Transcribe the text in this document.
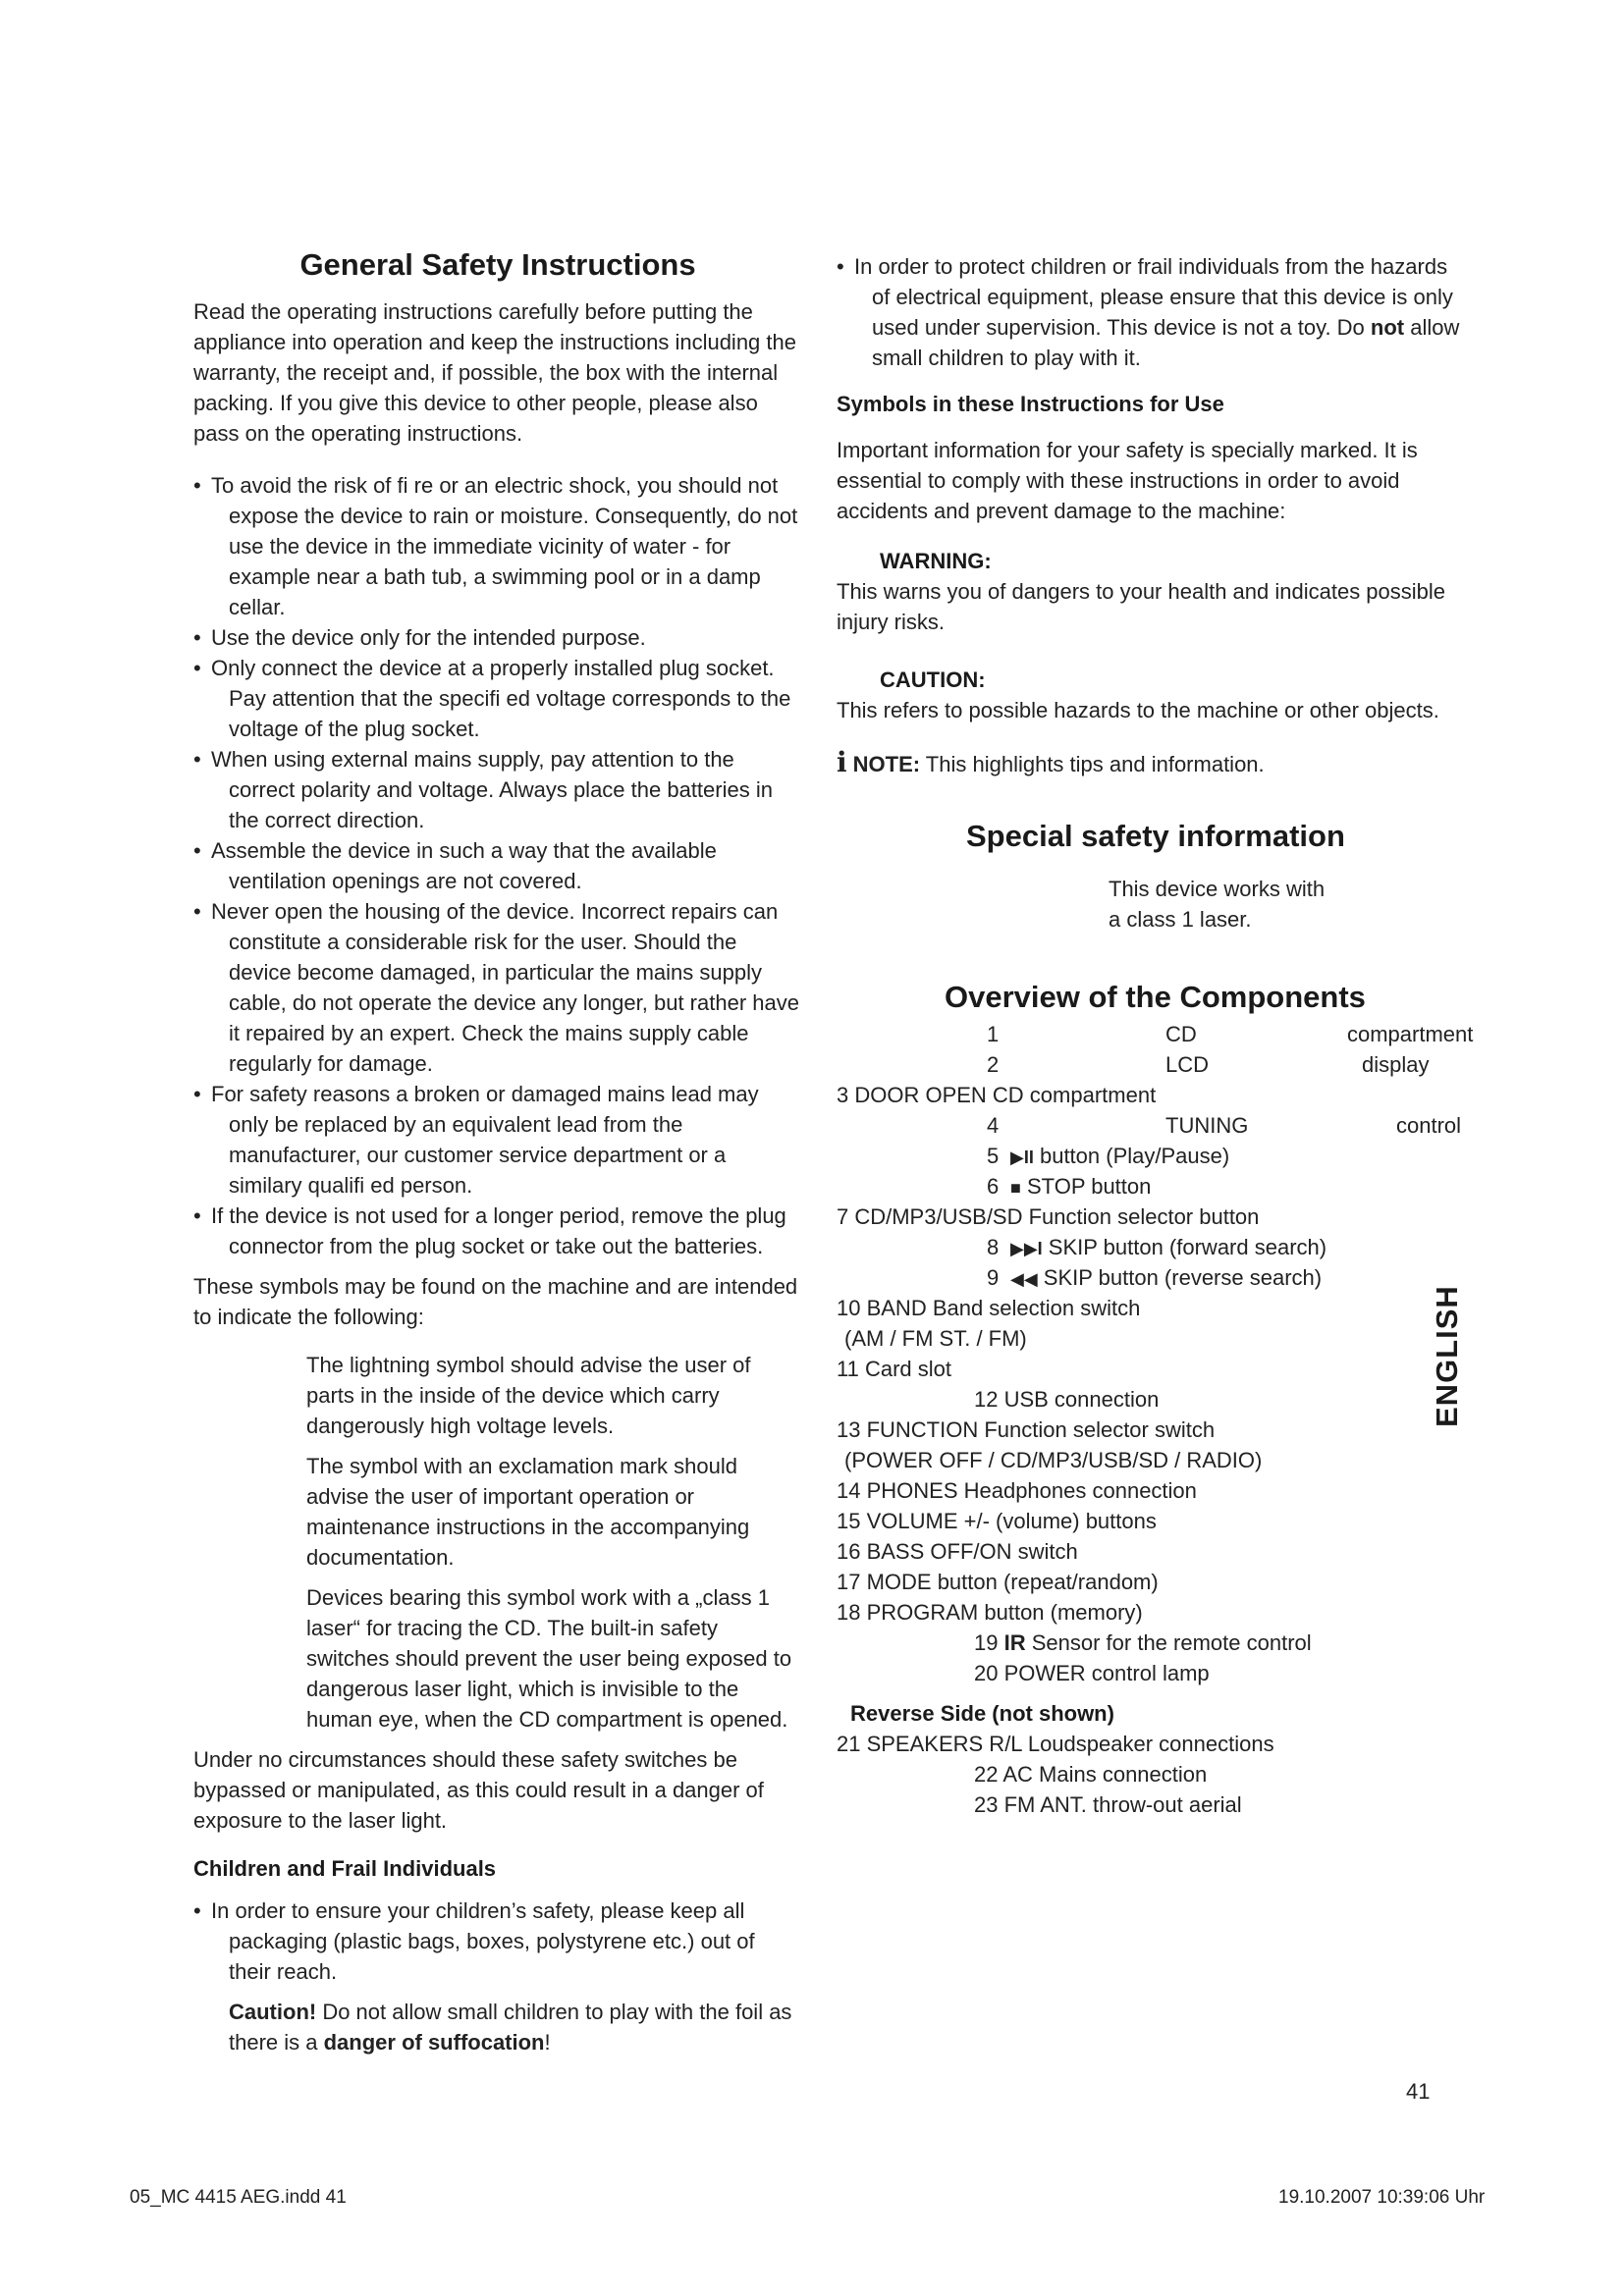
General Safety Instructions

Read the operating instructions carefully before putting the appliance into operation and keep the instructions including the warranty, the receipt and, if possible, the box with the internal packing. If you give this device to other people, please also pass on the operating instructions.

• To avoid the risk of fi re or an electric shock, you should not expose the device to rain or moisture. Consequently, do not use the device in the immediate vicinity of water - for example near a bath tub, a swimming pool or in a damp cellar.
• Use the device only for the intended purpose.
• Only connect the device at a properly installed plug socket. Pay attention that the specifi ed voltage corresponds to the voltage of the plug socket.
• When using external mains supply, pay attention to the correct polarity and voltage. Always place the batteries in the correct direction.
• Assemble the device in such a way that the available ventilation openings are not covered.
• Never open the housing of the device. Incorrect repairs can constitute a considerable risk for the user. Should the device become damaged, in particular the mains supply cable, do not operate the device any longer, but rather have it repaired by an expert. Check the mains supply cable regularly for damage.
• For safety reasons a broken or damaged mains lead may only be replaced by an equivalent lead from the manufacturer, our customer service department or a similary qualifi ed person.
• If the device is not used for a longer period, remove the plug connector from the plug socket or take out the batteries.

These symbols may be found on the machine and are intended to indicate the following:

The lightning symbol should advise the user of parts in the inside of the device which carry dangerously high voltage levels.

The symbol with an exclamation mark should advise the user of important operation or maintenance instructions in the accompanying documentation.

Devices bearing this symbol work with a „class 1 laser“ for tracing the CD. The built-in safety switches should prevent the user being exposed to dangerous laser light, which is invisible to the human eye, when the CD compartment is opened.

Under no circumstances should these safety switches be bypassed or manipulated, as this could result in a danger of exposure to the laser light.

Children and Frail Individuals
• In order to ensure your children’s safety, please keep all packaging (plastic bags, boxes, polystyrene etc.) out of their reach.

Caution! Do not allow small children to play with the foil as there is a danger of suffocation!

• In order to protect children or frail individuals from the hazards of electrical equipment, please ensure that this device is only used under supervision. This device is not a toy. Do not allow small children to play with it.
Symbols in these Instructions for Use

Important information for your safety is specially marked. It is essential to comply with these instructions in order to avoid accidents and prevent damage to the machine:

WARNING:

This warns you of dangers to your health and indicates possible injury risks.

CAUTION:

This refers to possible hazards to the machine or other objects.

i NOTE: This highlights tips and information.

Special safety information

This device works with

a class 1 laser.

Overview of the Components
1	CD	compartment
2	LCD	display
3 DOOR OPEN CD compartment
4	TUNING	control
5 ▶II button (Play/Pause)
6 ■ STOP button
7 CD/MP3/USB/SD Function selector button
8 ▶▶I SKIP button (forward search)
9 ◀◀ SKIP button (reverse search)
10 BAND Band selection switch
(AM / FM ST. / FM)
11 Card slot
12 USB connection
13 FUNCTION Function selector switch
(POWER OFF / CD/MP3/USB/SD / RADIO)
14 PHONES Headphones connection
15 VOLUME +/- (volume) buttons
16 BASS OFF/ON switch
17 MODE button (repeat/random)
18 PROGRAM button (memory)
19 IR Sensor for the remote control
20 POWER control lamp
Reverse Side (not shown)
21 SPEAKERS R/L Loudspeaker connections
22 AC Mains connection
23 FM ANT. throw-out aerial
ENGLISH
41
05_MC 4415 AEG.indd 41	19.10.2007 10:39:06 Uhr
